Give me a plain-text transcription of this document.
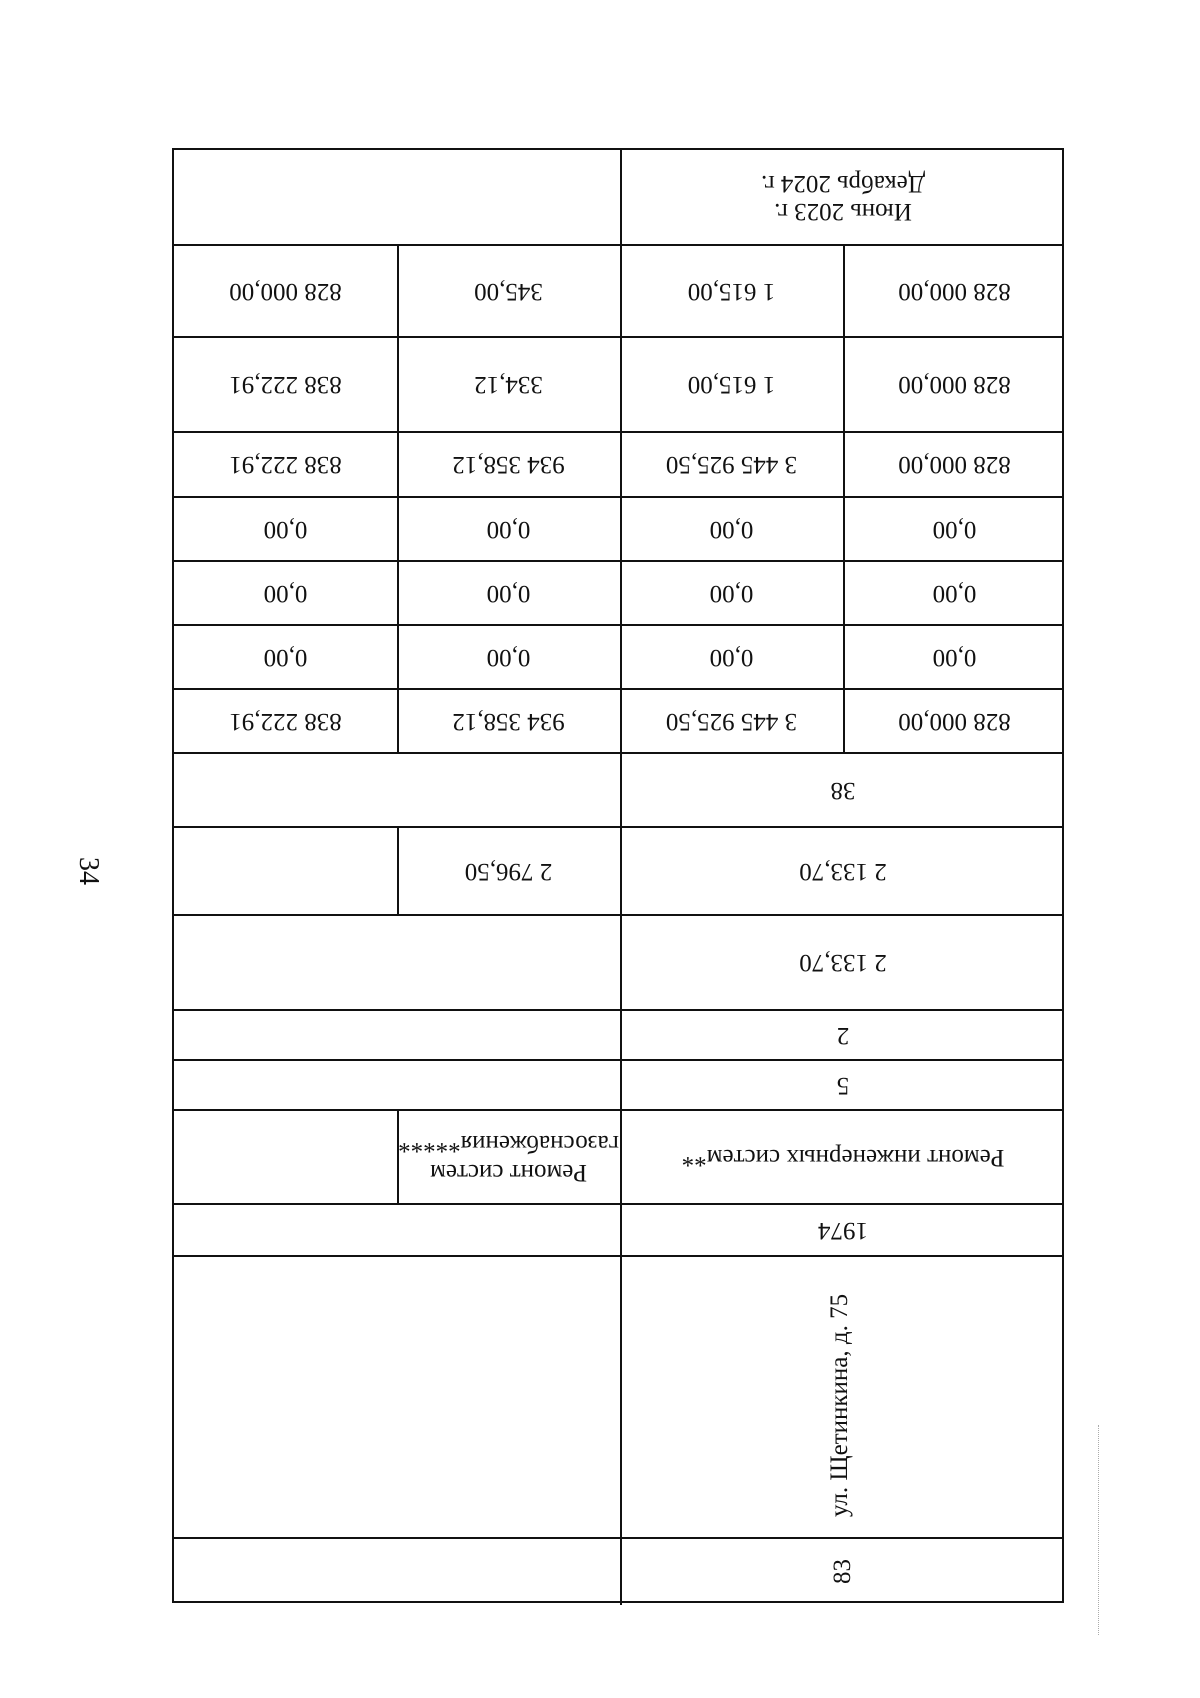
34
Июнь 2023 г.
Декабрь 2024 г.
828 000,00	345,00	1 615,00	828 000,00
838 222,91	334,12	1 615,00	828 000,00
838 222,91	934 358,12	3 445 925,50	828 000,00
0,00	0,00	0,00	0,00
0,00	0,00	0,00	0,00
0,00	0,00	0,00	0,00
838 222,91	934 358,12	3 445 925,50	828 000,00
38
2 796,50	2 133,70
2 133,70
2
5
Ремонт систем газоснабжения*****
Ремонт инженерных систем**
1974
ул. Щетинкина, д. 75
83
